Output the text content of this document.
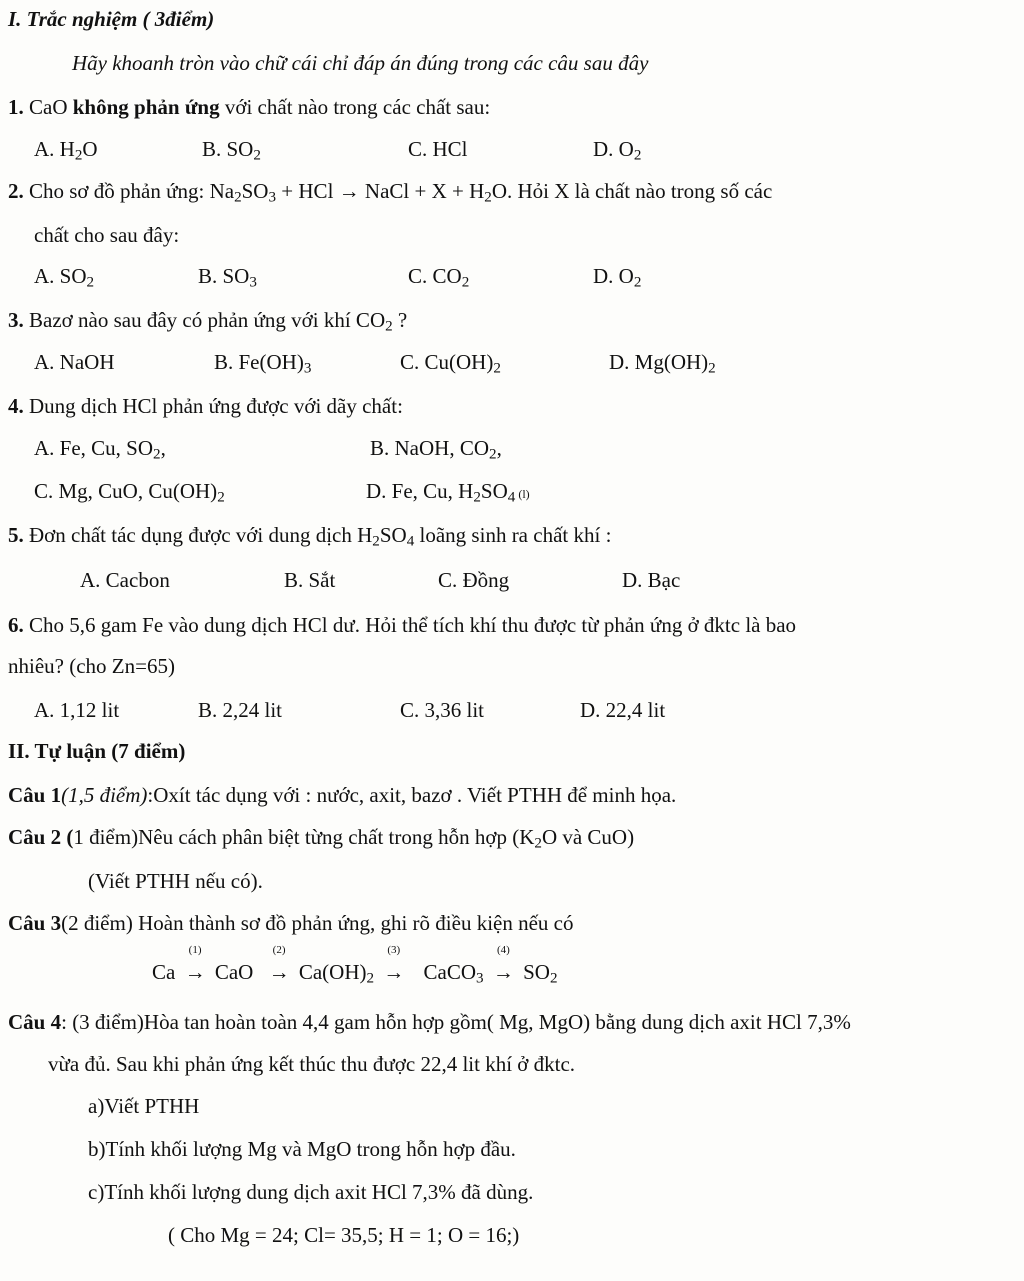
I. Trắc nghiệm ( 3điểm)
Hãy khoanh tròn vào chữ cái chỉ đáp án đúng trong các câu sau đây
1. CaO không phản ứng với chất nào trong các chất sau:
A. $H_2O$	B. $SO_2$	C. HCl	D. $O_2$
2. Cho sơ đồ phản ứng: $Na_2SO_3$ + HCl → NaCl + $X + H_2O$. Hỏi X là chất nào trong số các
chất cho sau đây:
A. $SO_2$	B. $SO_3$	C. $CO_2$	D. $O_2$
3. Bazơ nào sau đây có phản ứng với khí $CO_2$ ?
A. NaOH	B. $Fe(OH)_3$	C. $Cu(OH)_2$	D. $Mg(OH)_2$
4. Dung dịch HCl phản ứng được với dãy chất:
A. Fe, Cu, $SO_2$,	B. NaOH, $CO_2$,
C. Mg, CuO, $Cu(OH)_2$	D. Fe, Cu, $H_2SO_4$ (l)
5. Đơn chất tác dụng được với dung dịch $H_2SO_4$ loãng sinh ra chất khí :
A. Cacbon	B. Sắt	C. Đồng	D. Bạc
6. Cho 5,6 gam Fe vào dung dịch HCl dư. Hỏi thể tích khí thu được từ phản ứng ở đktc là bao
nhiêu? (cho Zn=65)
A. 1,12 lit	B. 2,24 lit	C. 3,36 lit	D. 22,4 lit
II. Tự luận (7 điểm)
Câu 1(1,5 điểm):Oxít tác dụng với : nước, axit, bazơ . Viết PTHH để minh họa.
Câu 2 (1 điểm)Nêu cách phân biệt từng chất trong hỗn hợp ($K_2O$ và CuO)
(Viết PTHH nếu có).
Câu 3(2 điểm) Hoàn thành sơ đồ phản ứng, ghi rõ điều kiện nếu có
Ca
(1)
→ CaO
(2)
→ $Ca(OH)_2$
(3)
→ CaCO$_3$
(4)
→ $SO_2$
Câu 4: (3 điểm)Hòa tan hoàn toàn 4,4 gam hỗn hợp gồm( Mg, MgO) bằng dung dịch axit HCl 7,3%
vừa đủ. Sau khi phản ứng kết thúc thu được 22,4 lit khí ở đktc.
a)Viết PTHH
b)Tính khối lượng Mg và MgO trong hỗn hợp đầu.
c)Tính khối lượng dung dịch axit HCl 7,3% đã dùng.
( Cho Mg = 24; Cl= 35,5; H = 1; O = 16;)
